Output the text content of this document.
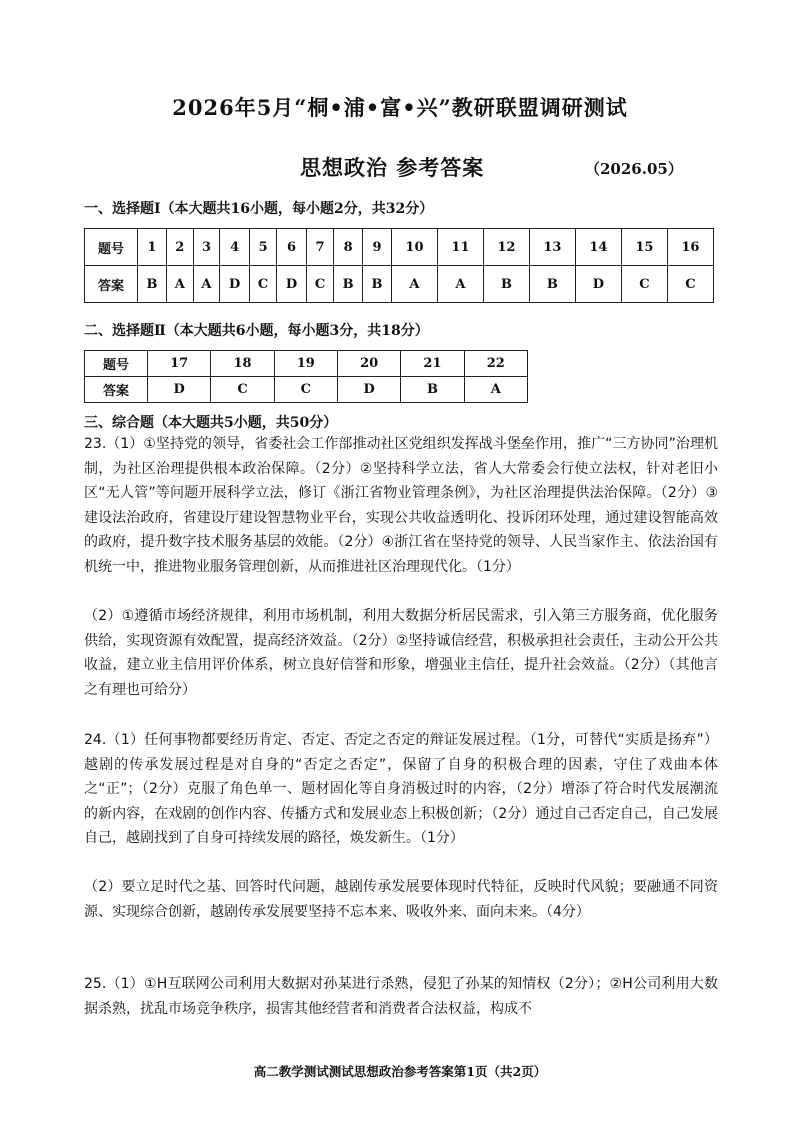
2026年5月“桐•浦•富•兴”教研联盟调研测试
思想政治 参考答案	（2026.05）
一、选择题Ⅰ（本大题共16小题，每小题2分，共32分）
题号	1	2	3	4	5	6	7	8	9	10	11	12	13	14	15	16
答案	B	A	A	D	C	D	C	B	B	A	A	B	B	D	C	C
二、选择题Ⅱ（本大题共6小题，每小题3分，共18分）
题号	17	18	19	20	21	22
答案	D	C	C	D	B	A
三、综合题（本大题共5小题，共50分）
23.（1）①坚持党的领导，省委社会工作部推动社区党组织发挥战斗堡垒作用，推广“三方协同”治理机制，为社区治理提供根本政治保障。（2分）②坚持科学立法，省人大常委会行使立法权，针对老旧小区“无人管”等问题开展科学立法，修订《浙江省物业管理条例》，为社区治理提供法治保障。（2分）③建设法治政府，省建设厅建设智慧物业平台，实现公共收益透明化、投诉闭环处理，通过建设智能高效的政府，提升数字技术服务基层的效能。（2分）④浙江省在坚持党的领导、人民当家作主、依法治国有机统一中，推进物业服务管理创新，从而推进社区治理现代化。（1分）
（2）①遵循市场经济规律，利用市场机制，利用大数据分析居民需求，引入第三方服务商，优化服务供给，实现资源有效配置，提高经济效益。（2分）②坚持诚信经营，积极承担社会责任，主动公开公共收益，建立业主信用评价体系，树立良好信誉和形象，增强业主信任，提升社会效益。（2分）（其他言之有理也可给分）
24.（1）任何事物都要经历肯定、否定、否定之否定的辩证发展过程。（1分，可替代“实质是扬弃”）越剧的传承发展过程是对自身的“否定之否定”，保留了自身的积极合理的因素，守住了戏曲本体之“正”；（2分）克服了角色单一、题材固化等自身消极过时的内容，（2分）增添了符合时代发展潮流的新内容，在戏剧的创作内容、传播方式和发展业态上积极创新；（2分）通过自己否定自己，自己发展自己，越剧找到了自身可持续发展的路径，焕发新生。（1分）
（2）要立足时代之基、回答时代问题，越剧传承发展要体现时代特征，反映时代风貌；要融通不同资源、实现综合创新，越剧传承发展要坚持不忘本来、吸收外来、面向未来。（4分）
25.（1）①H互联网公司利用大数据对孙某进行杀熟，侵犯了孙某的知情权（2分）；②H公司利用大数据杀熟，扰乱市场竞争秩序，损害其他经营者和消费者合法权益，构成不
高二教学测试测试思想政治参考答案第1页（共2页）
